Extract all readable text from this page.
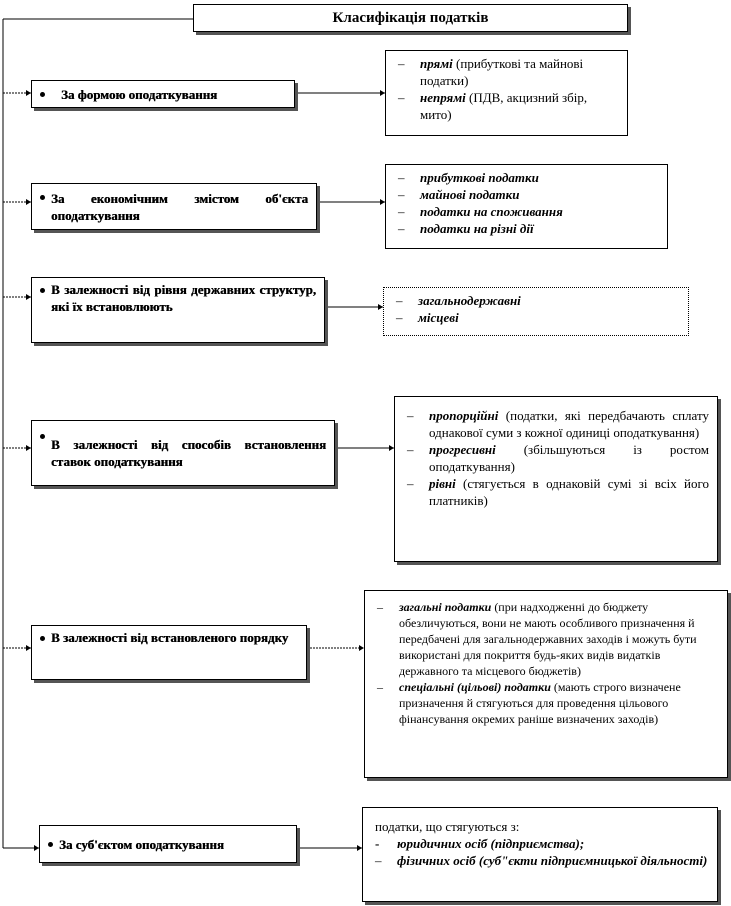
Класифікація податків
За формою оподаткування
– прямі (прибуткові та майнові податки)
– непрямі (ПДВ, акцизний збір, мито)
За економічним змістом об'єкта оподаткування
– прибуткові податки
– майнові податки
– податки на споживання
– податки на різні дії
В залежності від рівня державних структур, які їх встановлюють	– загальнодержавні
– місцеві
В залежності від способів встановлення ставок оподаткування
– пропорційні (податки, які передбачають сплату однакової суми з кожної одиниці оподаткування)
– прогресивні (збільшуються із ростом оподаткування)
– рівні (стягується в однаковій сумі зі всіх його платників)
В залежності від встановленого порядку
– загальні податки (при надходженні до бюджету обезличуються, вони не мають особливого призначення й передбачені для загальнодержавних заходів і можуть бути використані для покриття будь-яких видів видатків державного та місцевого бюджетів)
– спеціальні (цільові) податки (мають строго визначене призначення й стягуються для проведення цільового фінансування окремих раніше визначених заходів)
За суб'єктом оподаткування
податки, що стягуються з:
- юридичних осіб (підприємства);
– фізичних осіб (суб"єкти підприємницької діяльності)
